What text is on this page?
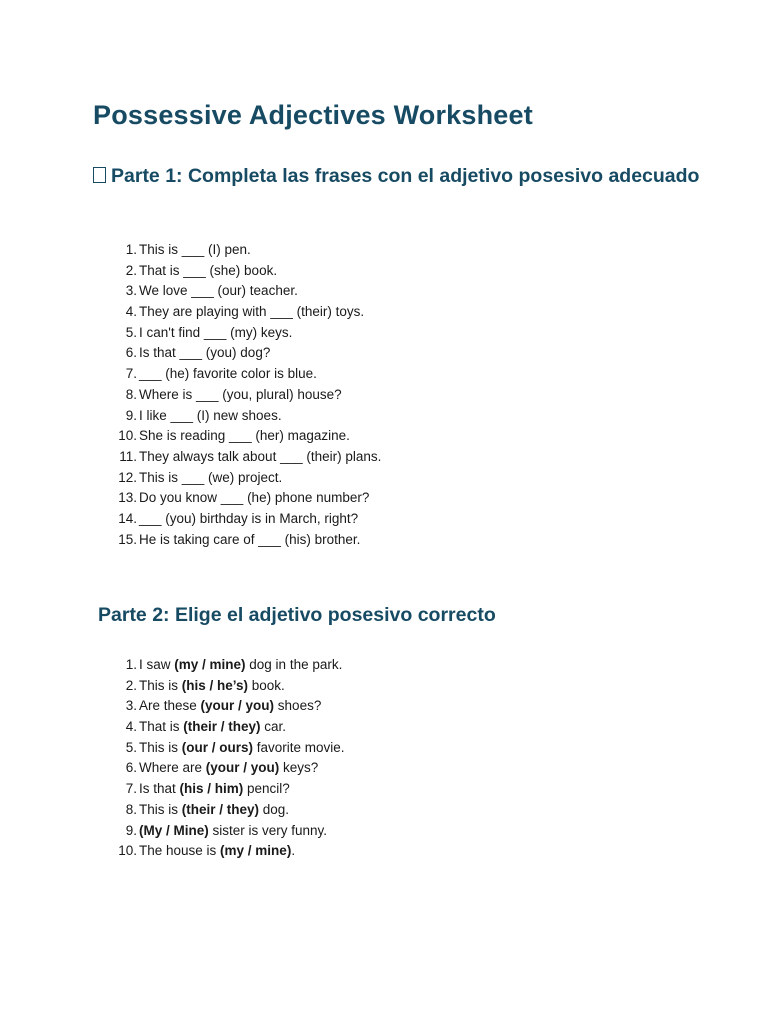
Possessive Adjectives Worksheet
Parte 1: Completa las frases con el adjetivo posesivo adecuado
1. This is ___ (I) pen.
2. That is ___ (she) book.
3. We love ___ (our) teacher.
4. They are playing with ___ (their) toys.
5. I can't find ___ (my) keys.
6. Is that ___ (you) dog?
7. ___ (he) favorite color is blue.
8. Where is ___ (you, plural) house?
9. I like ___ (I) new shoes.
10. She is reading ___ (her) magazine.
11. They always talk about ___ (their) plans.
12. This is ___ (we) project.
13. Do you know ___ (he) phone number?
14. ___ (you) birthday is in March, right?
15. He is taking care of ___ (his) brother.
Parte 2: Elige el adjetivo posesivo correcto
1. I saw (my / mine) dog in the park.
2. This is (his / he’s) book.
3. Are these (your / you) shoes?
4. That is (their / they) car.
5. This is (our / ours) favorite movie.
6. Where are (your / you) keys?
7. Is that (his / him) pencil?
8. This is (their / they) dog.
9. (My / Mine) sister is very funny.
10. The house is (my / mine).
